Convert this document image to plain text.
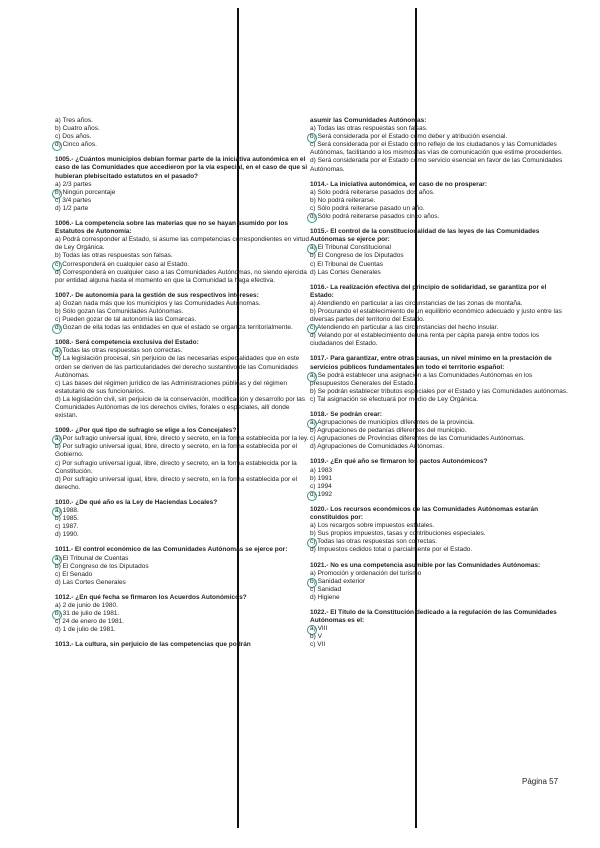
a) Tres años.
b) Cuatro años.
c) Dos años.
d) Cinco años.
1005.- ¿Cuántos municipios debían formar parte de la iniciativa autonómica en el caso de las Comunidades que accedieron por la vía especial, en el caso de que si hubieran plebiscitado estatutos en el pasado?
a) 2/3 partes
b) Ningún porcentaje
c) 3/4 partes
d) 1/2 parte
1006.- La competencia sobre las materias que no se hayan asumido por los Estatutos de Autonomía:
a) Podrá corresponder al Estado, si asume las competencias correspondientes en virtud de Ley Orgánica.
b) Todas las otras respuestas son falsas.
c) Corresponderá en cualquier caso al Estado.
d) Corresponderá en cualquier caso a las Comunidades Autónomas, no siendo ejercida por entidad alguna hasta el momento en que la Comunidad la haga efectiva.
1007.- De autonomía para la gestión de sus respectivos intereses:
a) Gozan nada más que los municipios y las Comunidades Autónomas.
b) Sólo gozan las Comunidades Autónomas.
c) Pueden gozar de tal autonomía las Comarcas.
d) Gozan de ella todas las entidades en que el estado se organiza territorialmente.
1008.- Será competencia exclusiva del Estado:
a) Todas las otras respuestas son correctas.
b) La legislación procesal, sin perjuicio de las necesarias especialidades que en este orden se deriven de las particularidades del derecho sustantivo de las Comunidades Autónomas.
c) Las bases del régimen jurídico de las Administraciones públicas y del régimen estatutario de sus funcionarios.
d) La legislación civil, sin perjuicio de la conservación, modificación y desarrollo por las Comunidades Autónomas de los derechos civiles, forales o especiales, allí donde existan.
1009.- ¿Por qué tipo de sufragio se elige a los Concejales?
a) Por sufragio universal igual, libre, directo y secreto, en la forma establecida por la ley.
b) Por sufragio universal igual, libre, directo y secreto, en la forma establecida por el Gobierno.
c) Por sufragio universal igual, libre, directo y secreto, en la forma establecida por la Constitución.
d) Por sufragio universal igual, libre, directo y secreto, en la forma establecida por el derecho.
1010.- ¿De qué año es la Ley de Haciendas Locales?
a) 1988.
b) 1985.
c) 1987.
d) 1990.
1011.- El control económico de las Comunidades Autónomas se ejerce por:
a) El Tribunal de Cuentas
b) El Congreso de los Diputados
c) El Senado
d) Las Cortes Generales
1012.- ¿En qué fecha se firmaron los Acuerdos Autonómicos?
a) 2 de junio de 1980.
b) 31 de julio de 1981.
c) 24 de enero de 1981.
d) 1 de julio de 1981.
1013.- La cultura, sin perjuicio de las competencias que podrán
asumir las Comunidades Autónomas:
a) Todas las otras respuestas son falsas.
b) Será considerada por el Estado como deber y atribución esencial.
c) Será considerada por el Estado como reflejo de los ciudadanos y las Comunidades Autónomas, facilitando a los mismos las vías de comunicación que estime procedentes.
d) Será considerada por el Estado como servicio esencial en favor de las Comunidades Autónomas.
1014.- La iniciativa autonómica, en caso de no prosperar:
a) Sólo podrá reiterarse pasados dos años.
b) No podrá reiterarse.
c) Sólo podrá reiterarse pasado un año.
d) Sólo podrá reiterarse pasados cinco años.
1015.- El control de la constitucionalidad de las leyes de las Comunidades Autónomas se ejerce por:
a) El Tribunal Constitucional
b) El Congreso de los Diputados
c) El Tribunal de Cuentas
d) Las Cortes Generales
1016.- La realización efectiva del principio de solidaridad, se garantiza por el Estado:
a) Atendiendo en particular a las circunstancias de las zonas de montaña.
b) Procurando el establecimiento de un equilibrio económico adecuado y justo entre las diversas partes del territorio del Estado.
c) Atendiendo en particular a las circunstancias del hecho insular.
d) Velando por el establecimiento de una renta per cápita pareja entre todos los ciudadanos del Estado.
1017.- Para garantizar, entre otras causas, un nivel mínimo en la prestación de servicios públicos fundamentales en todo el territorio español:
a) Se podrá establecer una asignación a las Comunidades Autónomas en los presupuestos Generales del Estado.
b) Se podrán establecer tributos especiales por el Estado y las Comunidades autónomas.
c) Tal asignación se efectuará por medio de Ley Orgánica.
1018.- Se podrán crear:
a) Agrupaciones de municipios diferentes de la provincia.
b) Agrupaciones de pedanías diferentes del municipio.
c) Agrupaciones de Provincias diferentes de las Comunidades Autónomas.
d) Agrupaciones de Comunidades Autónomas.
1019.- ¿En qué año se firmaron los pactos Autonómicos?
a) 1983
b) 1991
c) 1994
d) 1992
1020.- Los recursos económicos de las Comunidades Autónomas estarán constituidos por:
a) Los recargos sobre impuestos estatales.
b) Sus propios impuestos, tasas y contribuciones especiales.
c) Todas las otras respuestas son correctas.
d) Impuestos cedidos total o parcialmente por el Estado.
1021.- No es una competencia asumible por las Comunidades Autónomas:
a) Promoción y ordenación del turismo
b) Sanidad exterior
c) Sanidad
d) Higiene
1022.- El Título de la Constitución dedicado a la regulación de las Comunidades Autónomas es el:
a) VIII
b) V
c) VII
Página 57
